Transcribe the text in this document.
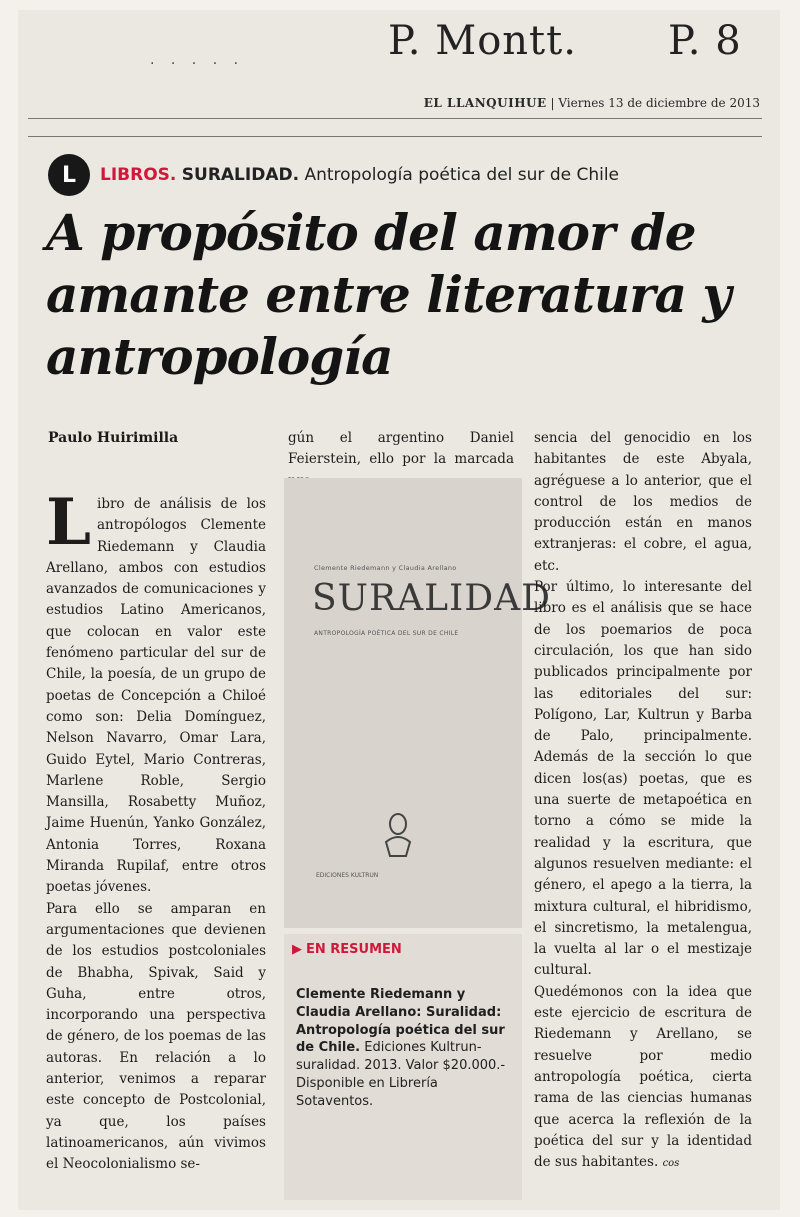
· · · · ·	P. Montt. P. 8
EL LLANQUIHUE | Viernes 13 de diciembre de 2013
L	LIBROS. SURALIDAD. Antropología poética del sur de Chile
A propósito del amor de amante entre literatura y antropología
Paulo Huirimilla

Libro de análisis de los antropólogos Clemente Riedemann y Claudia Arellano, ambos con estudios avanzados de comunicaciones y estudios Latino Americanos, que colocan en valor este fenómeno particular del sur de Chile, la poesía, de un grupo de poetas de Concepción a Chiloé como son: Delia Domínguez, Nelson Navarro, Omar Lara, Guido Eytel, Mario Contreras, Marlene Roble, Sergio Mansilla, Rosabetty Muñoz, Jaime Huenún, Yanko González, Antonia Torres, Roxana Miranda Rupilaf, entre otros poetas jóvenes.

Para ello se amparan en argumentaciones que devienen de los estudios postcoloniales de Bhabha, Spivak, Said y Guha, entre otros, incorporando una perspectiva de género, de los poemas de las autoras. En relación a lo anterior, venimos a reparar este concepto de Postcolonial, ya que, los países latinoamericanos, aún vivimos el Neocolonialismo se-

gún el argentino Daniel Feierstein, ello por la marcada

Clemente Riedemann y Claudia Arellano
SURALIDAD
ANTROPOLOGÍA POÉTICA DEL SUR DE CHILE
EDICIONES KULTRUN
▶ EN RESUMEN
Clemente Riedemann y Claudia Arellano: Suralidad: Antropología poética del sur de Chile. Ediciones Kultrun-suralidad. 2013. Valor $20.000.- Disponible en Librería Sotaventos.

sencia del genocidio en los habitantes de este Abyala, agréguese a lo anterior, que el control de los medios de producción están en manos extranjeras: el cobre, el agua, etc.

Por último, lo interesante del libro es el análisis que se hace de los poemarios de poca circulación, los que han sido publicados principalmente por las editoriales del sur: Polígono, Lar, Kultrun y Barba de Palo, principalmente. Además de la sección lo que dicen los(as) poetas, que es una suerte de metapoética en torno a cómo se mide la realidad y la escritura, que algunos resuelven mediante: el género, el apego a la tierra, la mixtura cultural, el hibridismo, el sincretismo, la metalengua, la vuelta al lar o el mestizaje cultural.

Quedémonos con la idea que este ejercicio de escritura de Riedemann y Arellano, se resuelve por medio antropología poética, cierta rama de las ciencias humanas que acerca la reflexión de la poética del sur y la identidad de sus habitantes. cos
